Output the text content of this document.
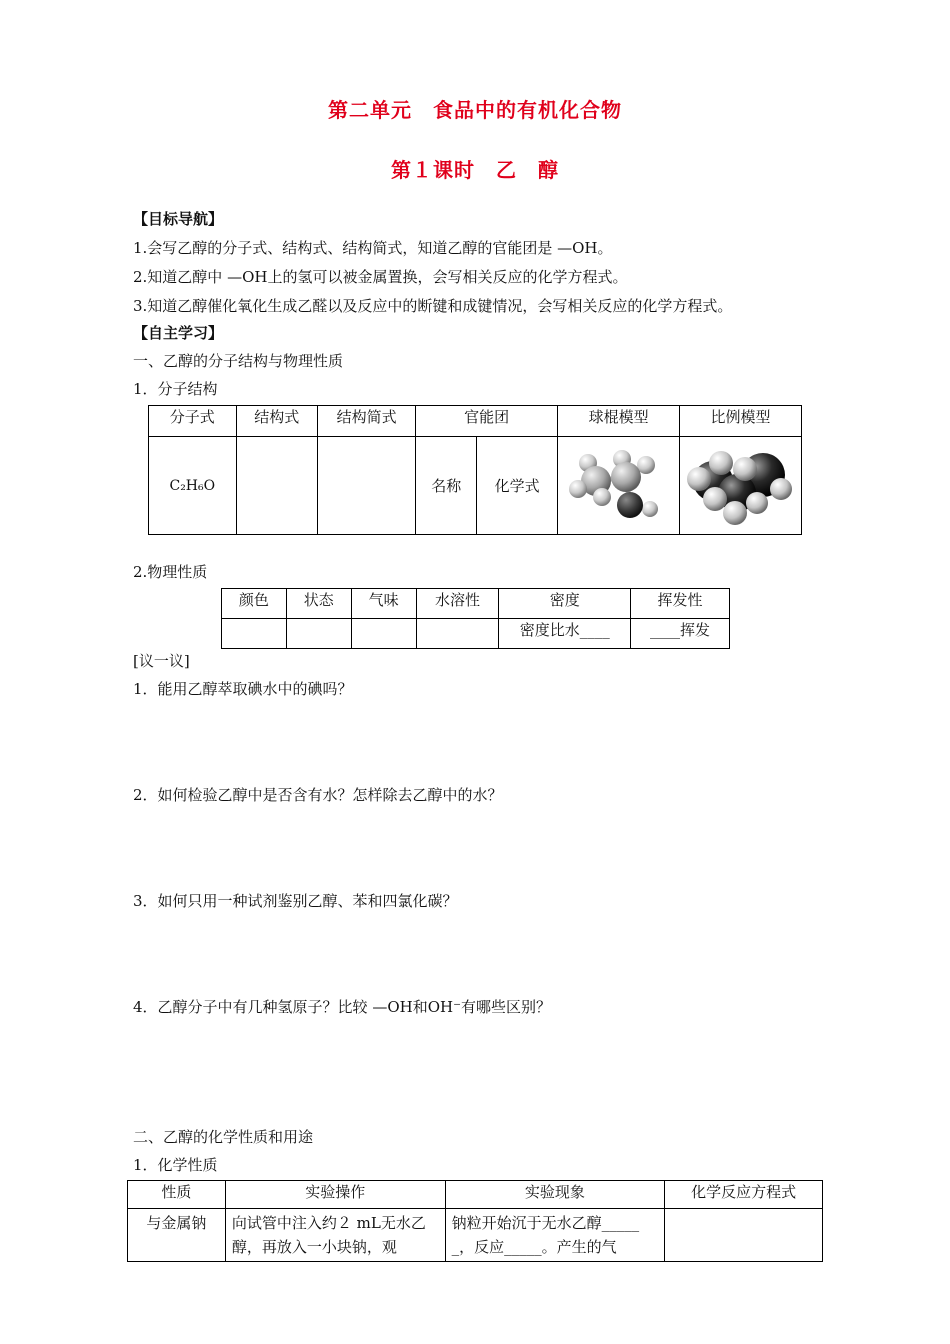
第二单元　食品中的有机化合物
第１课时　乙　醇
【目标导航】
1.会写乙醇的分子式、结构式、结构简式，知道乙醇的官能团是 —OH。
2.知道乙醇中 —OH上的氢可以被金属置换，会写相关反应的化学方程式。
3.知道乙醇催化氧化生成乙醛以及反应中的断键和成键情况，会写相关反应的化学方程式。
【自主学习】
一、乙醇的分子结构与物理性质
1．分子结构
分子式	结构式	结构简式	官能团		球棍模型	比例模型
C₂H₆O			名称	化学式		
2.物理性质
颜色	状态	气味	水溶性	密度	挥发性
				密度比水____	____挥发
[议一议]
1．能用乙醇萃取碘水中的碘吗？
2．如何检验乙醇中是否含有水？怎样除去乙醇中的水？
3．如何只用一种试剂鉴别乙醇、苯和四氯化碳？
4．乙醇分子中有几种氢原子？比较 —OH和OH⁻有哪些区别？
二、乙醇的化学性质和用途
1．化学性质
性质	实验操作	实验现象	化学反应方程式
与金属钠	向试管中注入约２ mL无水乙醇，再放入一小块钠，观	钠粒开始沉于无水乙醇______，反应_____。产生的气	
